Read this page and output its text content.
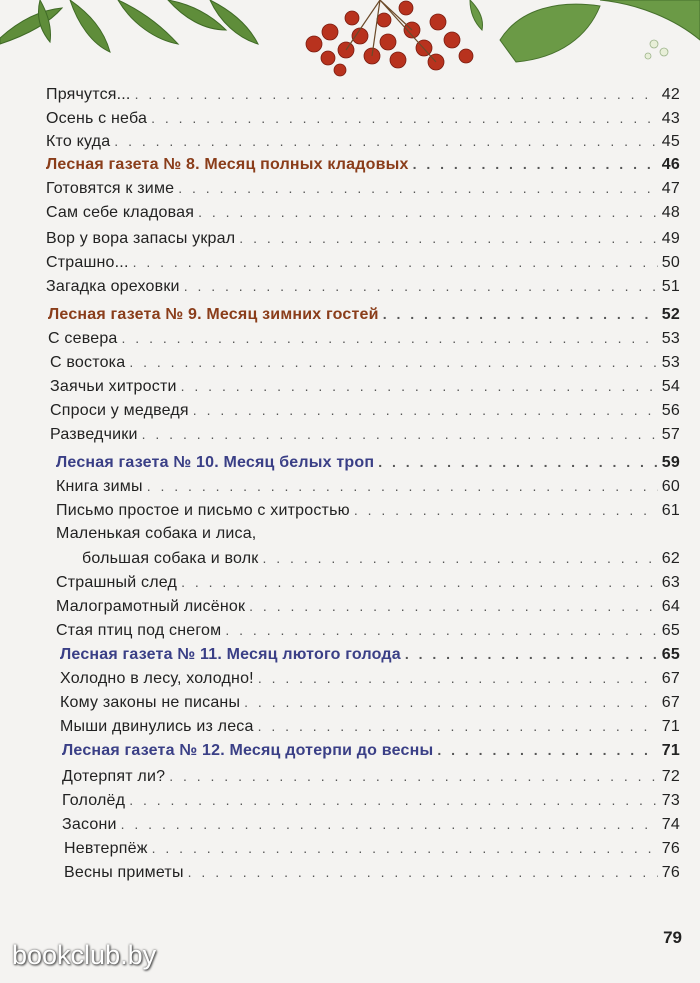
Прячутся... . . .	42
Осень с неба . . .	43
Кто куда . . .	45
Лесная газета № 8. Месяц полных кладовых . . .	46
Готовятся к зиме . . .	47
Сам себе кладовая . . .	48
Вор у вора запасы украл . . .	49
Страшно... . . .	50
Загадка ореховки . . .	51
Лесная газета № 9. Месяц зимних гостей . . .	52
С севера . . .	53
С востока . . .	53
Заячьи хитрости . . .	54
Спроси у медведя . . .	56
Разведчики . . .	57
Лесная газета № 10. Месяц белых троп . . .	59
Книга зимы . . .	60
Письмо простое и письмо с хитростью . . .	61
Маленькая собака и лиса,
большая собака и волк . . .	62
Страшный след . . .	63
Малограмотный лисёнок . . .	64
Стая птиц под снегом . . .	65
Лесная газета № 11. Месяц лютого голода . . .	65
Холодно в лесу, холодно! . . .	67
Кому законы не писаны . . .	67
Мыши двинулись из леса . . .	71
Лесная газета № 12. Месяц дотерпи до весны . . .	71
Дотерпят ли? . . .	72
Гололёд . . .	73
Засони . . .	74
Невтерпёж . . .	76
Весны приметы . . .	76
79
bookclub.by
